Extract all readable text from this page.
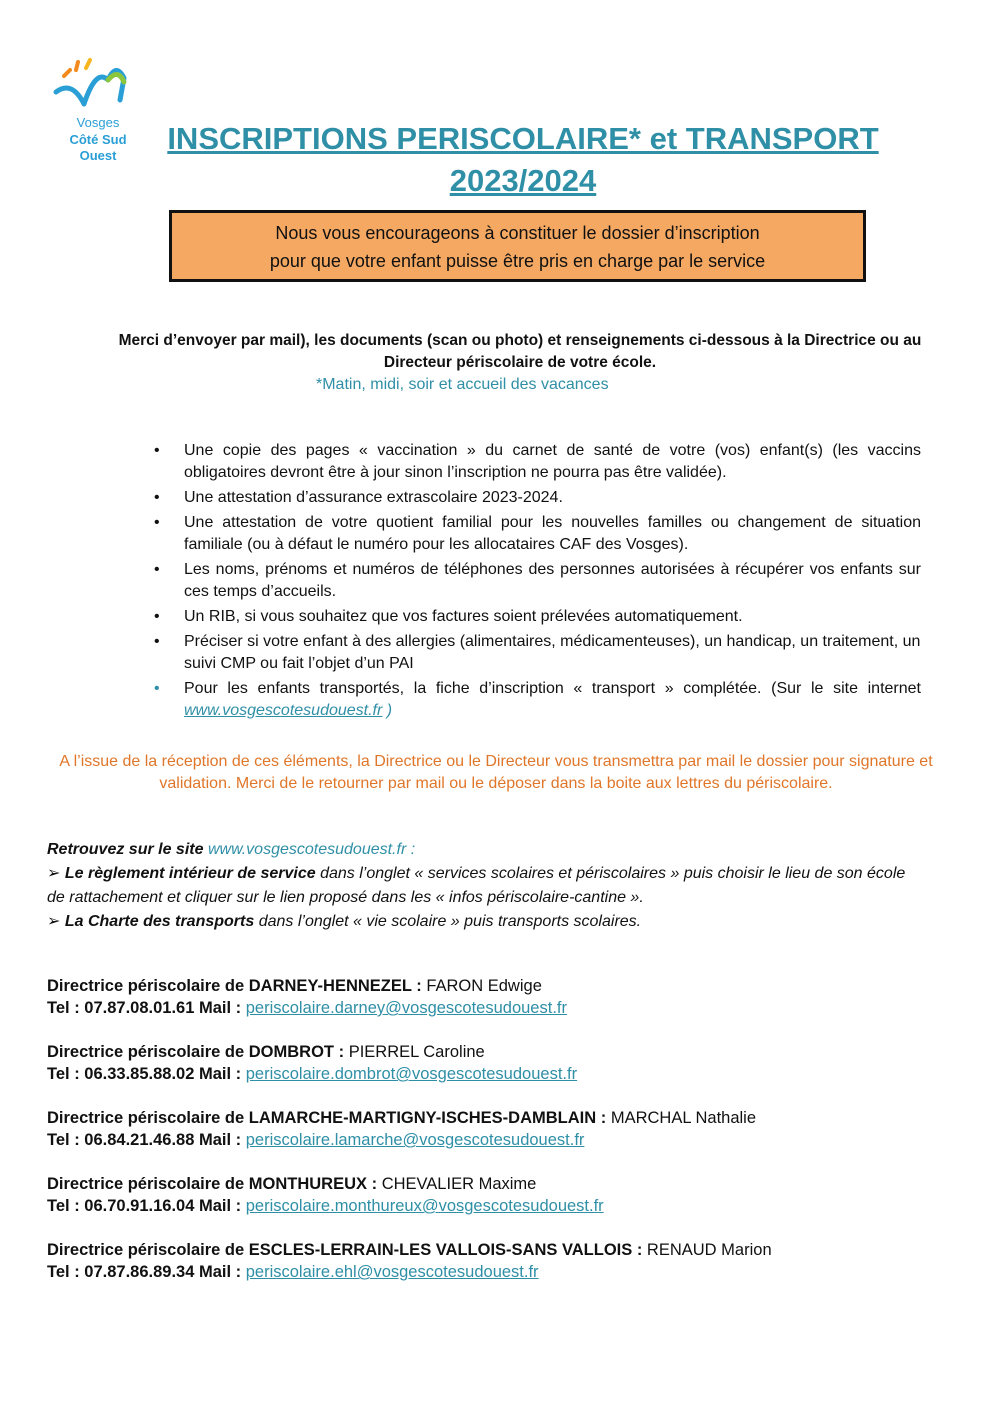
Vosges
Côté Sud Ouest	INSCRIPTIONS PERISCOLAIRE* et TRANSPORT
2023/2024
Nous vous encourageons à constituer le dossier d’inscription
pour que votre enfant puisse être pris en charge par le service
Merci d’envoyer par mail), les documents (scan ou photo) et renseignements ci-dessous à la Directrice ou au Directeur périscolaire de votre école.
*Matin, midi, soir et accueil des vacances
• Une copie des pages « vaccination » du carnet de santé de votre (vos) enfant(s) (les vaccins obligatoires devront être à jour sinon l’inscription ne pourra pas être validée).
• Une attestation d’assurance extrascolaire 2023-2024.
• Une attestation de votre quotient familial pour les nouvelles familles ou changement de situation familiale (ou à défaut le numéro pour les allocataires CAF des Vosges).
• Les noms, prénoms et numéros de téléphones des personnes autorisées à récupérer vos enfants sur ces temps d’accueils.
• Un RIB, si vous souhaitez que vos factures soient prélevées automatiquement.
• Préciser si votre enfant à des allergies (alimentaires, médicamenteuses), un handicap, un traitement, un suivi CMP ou fait l’objet d’un PAI
• Pour les enfants transportés, la fiche d’inscription « transport » complétée. (Sur le site internet www.vosgescotesudouest.fr )
A l’issue de la réception de ces éléments, la Directrice ou le Directeur vous transmettra par mail le dossier pour signature et validation. Merci de le retourner par mail ou le déposer dans la boite aux lettres du périscolaire.
Retrouvez sur le site www.vosgescotesudouest.fr :
➢ Le règlement intérieur de service dans l’onglet « services scolaires et périscolaires » puis choisir le lieu de son école de rattachement et cliquer sur le lien proposé dans les « infos périscolaire-cantine ».
➢ La Charte des transports dans l’onglet « vie scolaire » puis transports scolaires.
Directrice périscolaire de DARNEY-HENNEZEL : FARON Edwige
Tel : 07.87.08.01.61 Mail : periscolaire.darney@vosgescotesudouest.fr
Directrice périscolaire de DOMBROT : PIERREL Caroline
Tel : 06.33.85.88.02 Mail : periscolaire.dombrot@vosgescotesudouest.fr
Directrice périscolaire de LAMARCHE-MARTIGNY-ISCHES-DAMBLAIN : MARCHAL Nathalie
Tel : 06.84.21.46.88 Mail : periscolaire.lamarche@vosgescotesudouest.fr
Directrice périscolaire de MONTHUREUX : CHEVALIER Maxime
Tel : 06.70.91.16.04 Mail : periscolaire.monthureux@vosgescotesudouest.fr
Directrice périscolaire de ESCLES-LERRAIN-LES VALLOIS-SANS VALLOIS : RENAUD Marion
Tel : 07.87.86.89.34 Mail : periscolaire.ehl@vosgescotesudouest.fr
